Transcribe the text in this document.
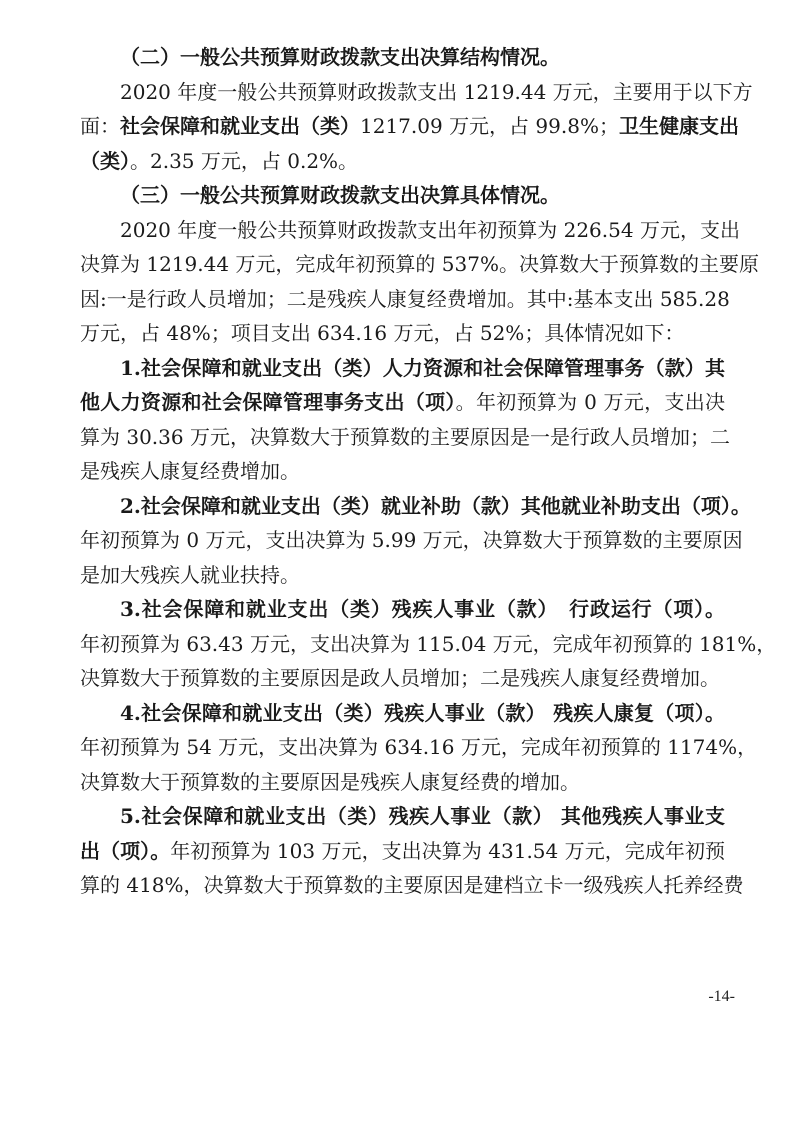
（二）一般公共预算财政拨款支出决算结构情况。
2020 年度一般公共预算财政拨款支出 1219.44 万元，主要用于以下方
面：社会保障和就业支出（类）1217.09 万元，占 99.8%；卫生健康支出
（类）。2.35 万元，占 0.2%。
（三）一般公共预算财政拨款支出决算具体情况。
2020 年度一般公共预算财政拨款支出年初预算为 226.54 万元，支出
决算为 1219.44 万元，完成年初预算的 537%。决算数大于预算数的主要原
因:一是行政人员增加；二是残疾人康复经费增加。其中:基本支出 585.28
万元，占 48%；项目支出 634.16 万元，占 52%；具体情况如下：
1.社会保障和就业支出（类）人力资源和社会保障管理事务（款）其
他人力资源和社会保障管理事务支出（项）。年初预算为 0 万元，支出决
算为 30.36 万元，决算数大于预算数的主要原因是一是行政人员增加；二
是残疾人康复经费增加。
2.社会保障和就业支出（类）就业补助（款）其他就业补助支出（项）。
年初预算为 0 万元，支出决算为 5.99 万元，决算数大于预算数的主要原因
是加大残疾人就业扶持。
3.社会保障和就业支出（类）残疾人事业（款）　行政运行（项）。
年初预算为 63.43 万元，支出决算为 115.04 万元，完成年初预算的 181%，
决算数大于预算数的主要原因是政人员增加；二是残疾人康复经费增加。
4.社会保障和就业支出（类）残疾人事业（款） 残疾人康复（项）。
年初预算为 54 万元，支出决算为 634.16 万元，完成年初预算的 1174%，
决算数大于预算数的主要原因是残疾人康复经费的增加。
5.社会保障和就业支出（类）残疾人事业（款） 其他残疾人事业支
出（项）。年初预算为 103 万元，支出决算为 431.54 万元，完成年初预
算的 418%，决算数大于预算数的主要原因是建档立卡一级残疾人托养经费
-14-
